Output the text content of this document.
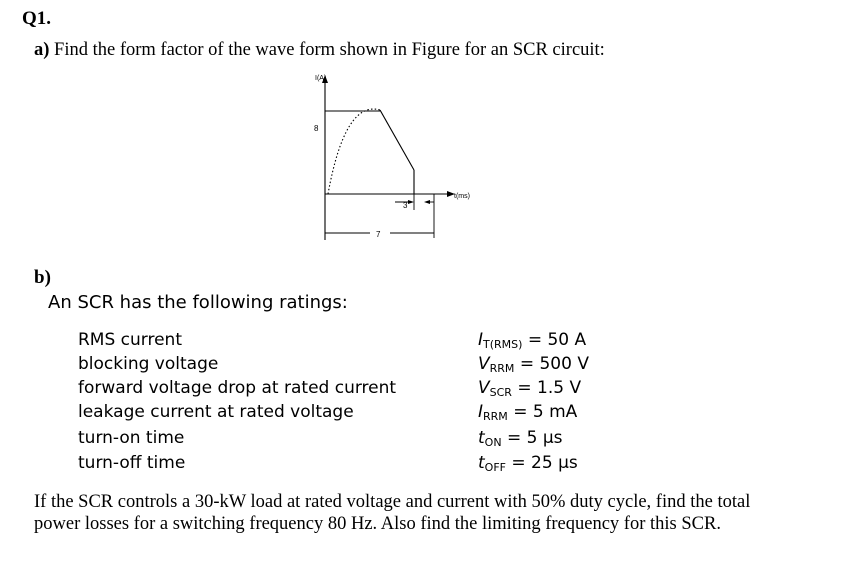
Q1.
a) Find the form factor of the wave form shown in Figure for an SCR circuit:
I(A)
t(ms)
8
3
7
b)
An SCR has the following ratings:
RMS current
blocking voltage
forward voltage drop at rated current
leakage current at rated voltage
turn-on time
turn-off time
$I_{T(RMS)} = 50$ A
$V_{RRM} = 500$ V
$V_{SCR} = 1.5$ V
$I_{RRM} = 5$ mA
$t_{ON} = 5$ µs
$t_{OFF} = 25$ µs
If the SCR controls a 30-kW load at rated voltage and current with 50% duty cycle, find the total power losses for a switching frequency 80 Hz. Also find the limiting frequency for this SCR.
